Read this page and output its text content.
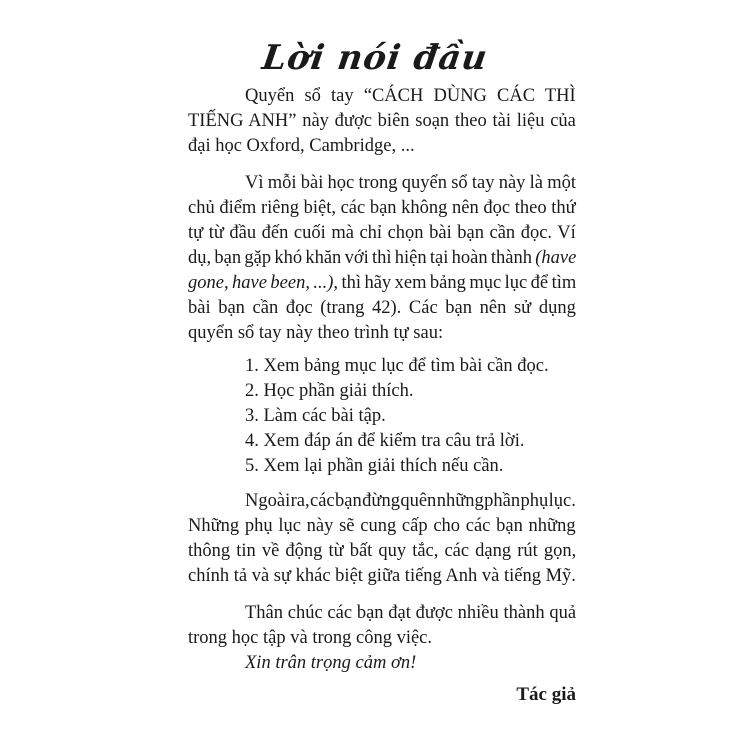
Lời nói đầu
Quyển sổ tay “CÁCH DÙNG CÁC THÌ
TIẾNG ANH” này được biên soạn theo tài liệu của
đại học Oxford, Cambridge, ...
Vì mỗi bài học trong quyển sổ tay này là một
chủ điểm riêng biệt, các bạn không nên đọc theo thứ
tự từ đầu đến cuối mà chỉ chọn bài bạn cần đọc. Ví
dụ, bạn gặp khó khăn với thì hiện tại hoàn thành (have
gone, have been, ...), thì hãy xem bảng mục lục để tìm
bài bạn cần đọc (trang 42). Các bạn nên sử dụng
quyển sổ tay này theo trình tự sau:
1. Xem bảng mục lục để tìm bài cần đọc.
2. Học phần giải thích.
3. Làm các bài tập.
4. Xem đáp án để kiểm tra câu trả lời.
5. Xem lại phần giải thích nếu cần.
Ngoài ra, các bạn đừng quên những phần phụ lục.
Những phụ lục này sẽ cung cấp cho các bạn những
thông tin về động từ bất quy tắc, các dạng rút gọn,
chính tả và sự khác biệt giữa tiếng Anh và tiếng Mỹ.
Thân chúc các bạn đạt được nhiều thành quả
trong học tập và trong công việc.
Xin trân trọng cảm ơn!
Tác giả
